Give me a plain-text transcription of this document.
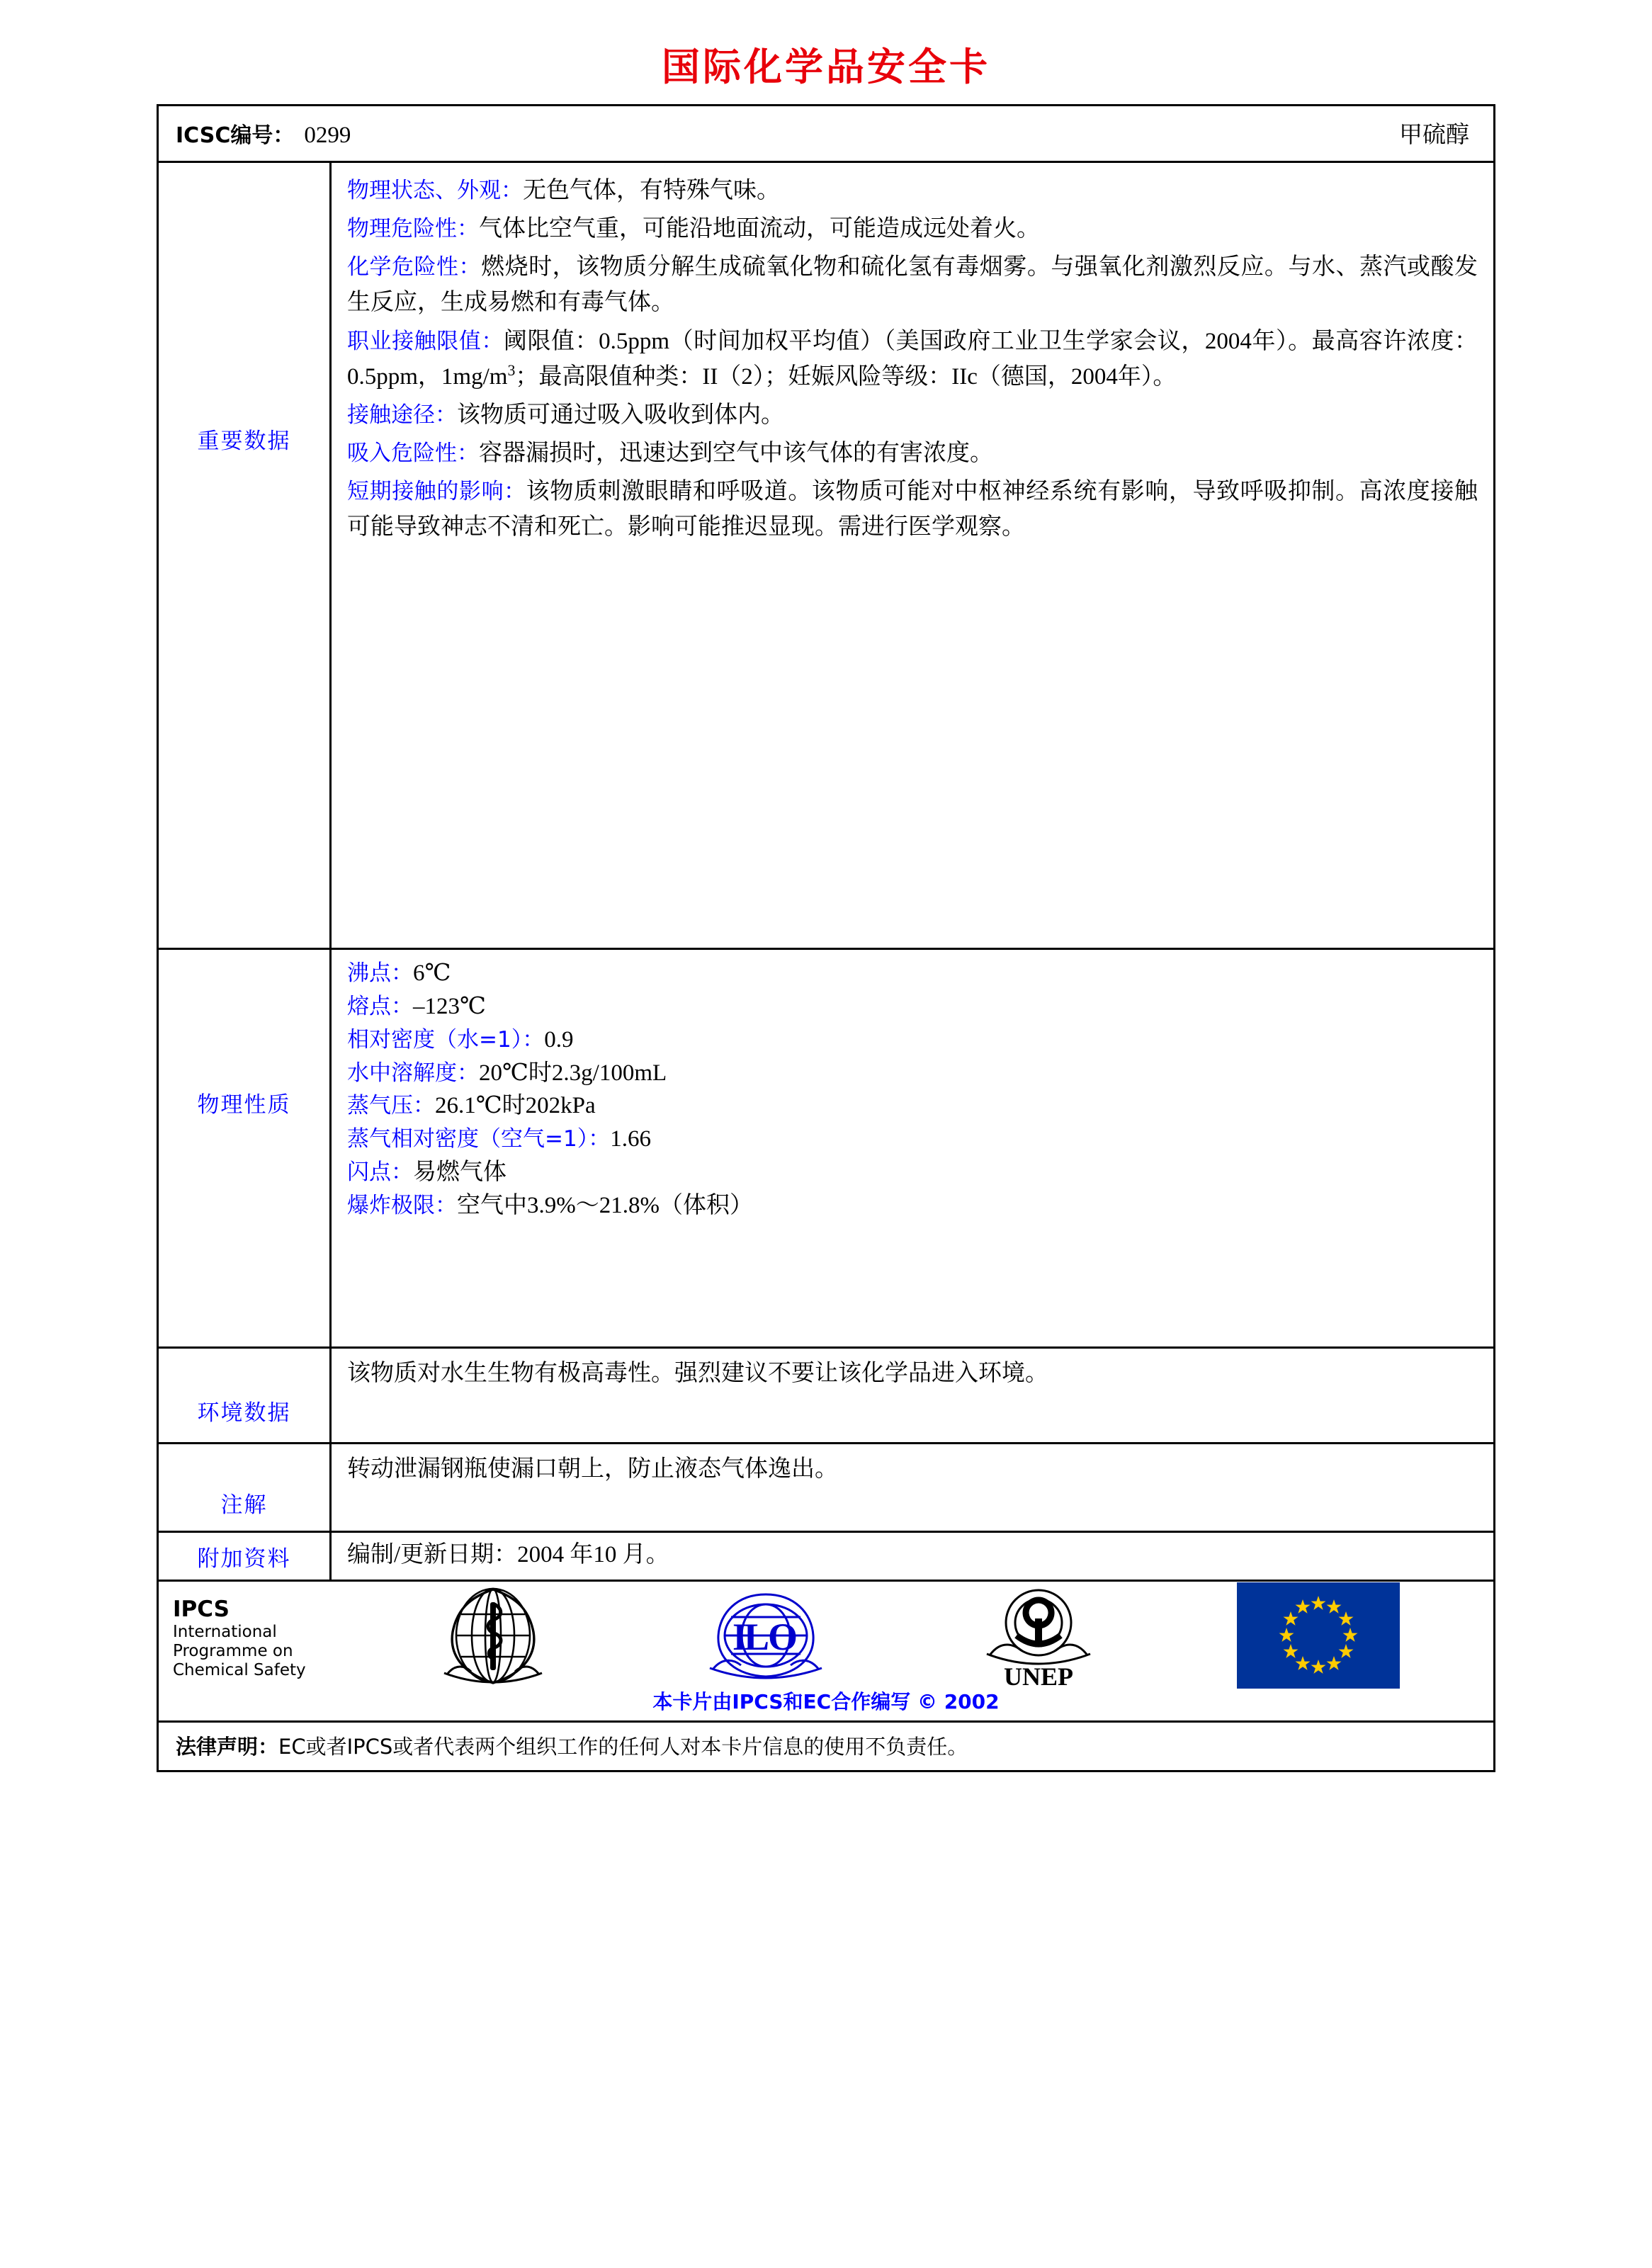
国际化学品安全卡
ICSC编号： 0299	甲硫醇
重要数据

物理状态、外观：无色气体，有特殊气味。

物理危险性：气体比空气重，可能沿地面流动，可能造成远处着火。

化学危险性：燃烧时，该物质分解生成硫氧化物和硫化氢有毒烟雾。与强氧化剂激烈反应。与水、蒸汽或酸发生反应，生成易燃和有毒气体。

职业接触限值：阈限值：0.5ppm（时间加权平均值）（美国政府工业卫生学家会议，2004年）。最高容许浓度：0.5ppm，$1mg/m^3$；最高限值种类：II（2）；妊娠风险等级：IIc（德国，2004年）。

接触途径：该物质可通过吸入吸收到体内。

吸入危险性：容器漏损时，迅速达到空气中该气体的有害浓度。

短期接触的影响：该物质刺激眼睛和呼吸道。该物质可能对中枢神经系统有影响，导致呼吸抑制。高浓度接触可能导致神志不清和死亡。影响可能推迟显现。需进行医学观察。

物理性质
沸点：6℃
熔点：–123℃
相对密度（水=1）：0.9
水中溶解度：20℃时2.3g/100mL
蒸气压：26.1℃时202kPa
蒸气相对密度（空气=1）：1.66
闪点：易燃气体
爆炸极限：空气中3.9%～21.8%（体积）
环境数据
该物质对水生生物有极高毒性。强烈建议不要让该化学品进入环境。
注解
转动泄漏钢瓶使漏口朝上，防止液态气体逸出。
附加资料	编制/更新日期：2004 年10 月。
IPCS
International
Programme on
Chemical Safety
I
L
O
UNEP
本卡片由IPCS和EC合作编写 © 2002
法律声明： EC或者IPCS或者代表两个组织工作的任何人对本卡片信息的使用不负责任。
